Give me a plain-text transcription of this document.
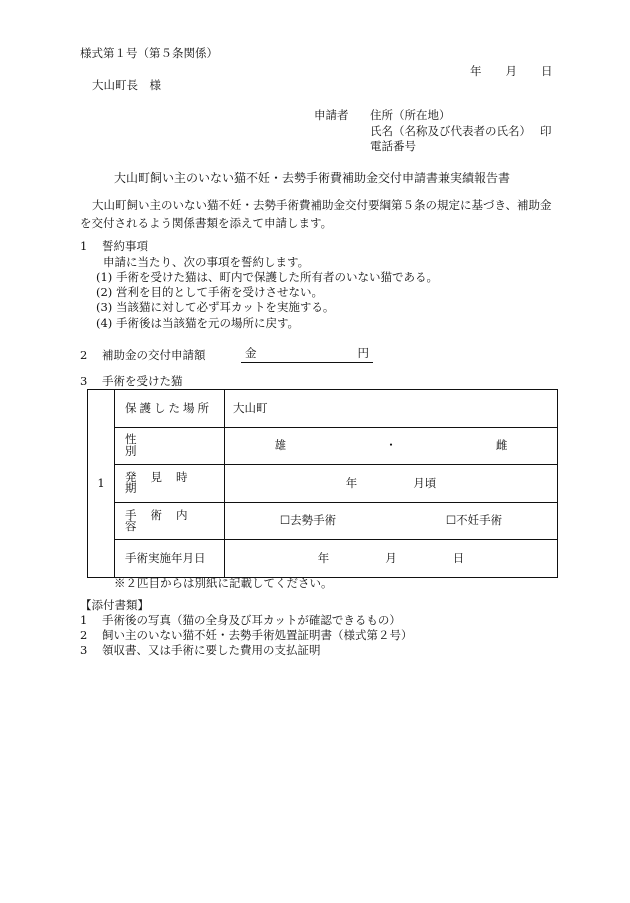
様式第１号（第５条関係）
年 月 日
大山町長　様
申請者 住所（所在地）
氏名（名称及び代表者の氏名） 印
電話番号
大山町飼い主のいない猫不妊・去勢手術費補助金交付申請書兼実績報告書
大山町飼い主のいない猫不妊・去勢手術費補助金交付要綱第５条の規定に基づき、補助金を交付されるよう関係書類を添えて申請します。
1 誓約事項
申請に当たり、次の事項を誓約します。
(1) 手術を受けた猫は、町内で保護した所有者のいない猫である。
(2) 営利を目的として手術を受けさせない。
(3) 当該猫に対して必ず耳カットを実施する。
(4) 手術後は当該猫を元の場所に戻す。
2 補助金の交付申請額	金	円
3 手術を受けた猫
1	保護した場所	大山町

	性別	雄 ・ 雌

	発見時期	年 月頃

	手術内容	☐去勢手術 ☐不妊手術

	手術実施年月日	年 月 日
※２匹目からは別紙に記載してください。
【添付書類】
1 手術後の写真（猫の全身及び耳カットが確認できるもの）
2 飼い主のいない猫不妊・去勢手術処置証明書（様式第２号）
3 領収書、又は手術に要した費用の支払証明
